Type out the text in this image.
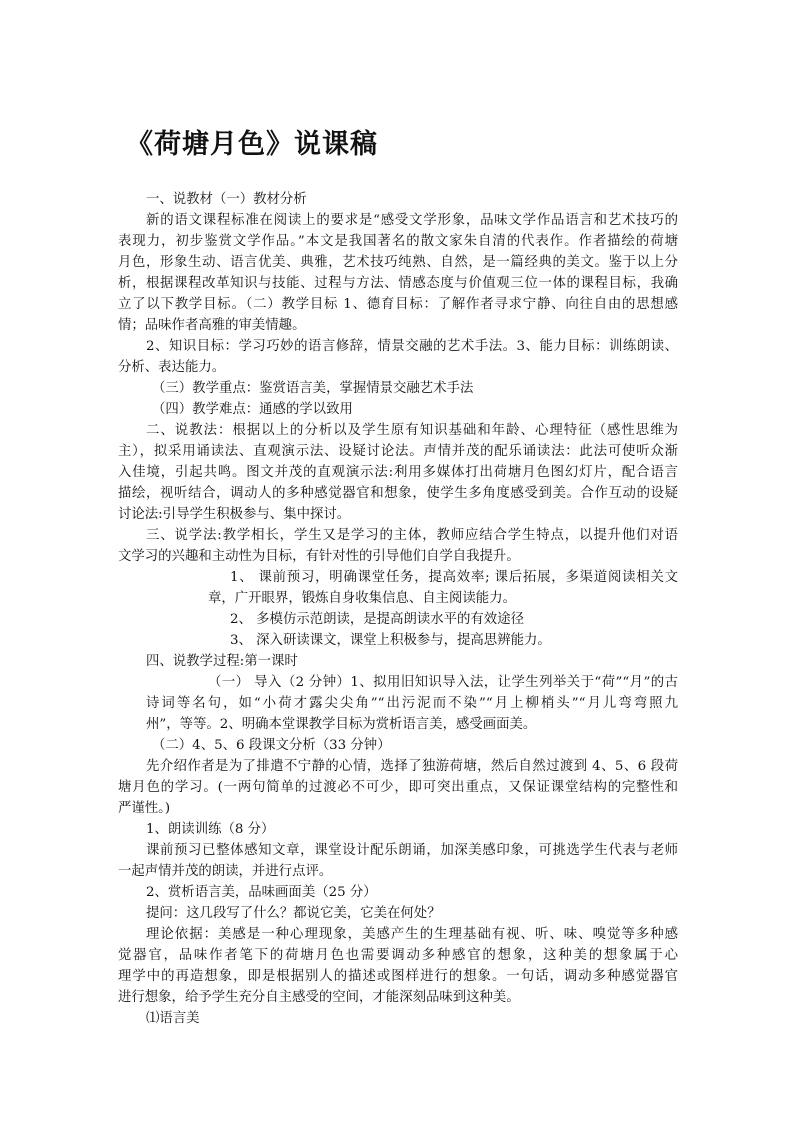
《荷塘月色》说课稿
一、说教材（一）教材分析
新的语文课程标准在阅读上的要求是“感受文学形象，品味文学作品语言和艺术技巧的
表现力，初步鉴赏文学作品。”本文是我国著名的散文家朱自清的代表作。作者描绘的荷塘
月色，形象生动、语言优美、典雅，艺术技巧纯熟、自然，是一篇经典的美文。鉴于以上分
析，根据课程改革知识与技能、过程与方法、情感态度与价值观三位一体的课程目标，我确
立了以下教学目标。（二）教学目标 1、德育目标：了解作者寻求宁静、向往自由的思想感
情；品味作者高雅的审美情趣。
2、知识目标：学习巧妙的语言修辞，情景交融的艺术手法。3、能力目标：训练朗读、
分析、表达能力。
（三）教学重点：鉴赏语言美，掌握情景交融艺术手法
（四）教学难点：通感的学以致用
二、说教法：根据以上的分析以及学生原有知识基础和年龄、心理特征（感性思维为
主），拟采用诵读法、直观演示法、设疑讨论法。声情并茂的配乐诵读法：此法可使听众渐
入佳境，引起共鸣。图文并茂的直观演示法:利用多媒体打出荷塘月色图幻灯片，配合语言
描绘，视听结合，调动人的多种感觉器官和想象，使学生多角度感受到美。合作互动的设疑
讨论法:引导学生积极参与、集中探讨。
三、说学法:教学相长，学生又是学习的主体，教师应结合学生特点，以提升他们对语
文学习的兴趣和主动性为目标，有针对性的引导他们自学自我提升。
1、 课前预习，明确课堂任务，提高效率; 课后拓展，多渠道阅读相关文
章，广开眼界，锻炼自身收集信息、自主阅读能力。
2、 多模仿示范朗读，是提高朗读水平的有效途径
3、 深入研读课文，课堂上积极参与，提高思辨能力。
四、说教学过程:第一课时
（一） 导入（2 分钟）1、拟用旧知识导入法，让学生列举关于“荷”“月”的古
诗词等名句，如“小荷才露尖尖角”“出污泥而不染”“月上柳梢头”“月儿弯弯照九
州”，等等。2、明确本堂课教学目标为赏析语言美，感受画面美。
（二）4、5、6 段课文分析（33 分钟）
先介绍作者是为了排遣不宁静的心情，选择了独游荷塘，然后自然过渡到 4、5、6 段荷
塘月色的学习。(一两句简单的过渡必不可少，即可突出重点，又保证课堂结构的完整性和
严谨性。)
1、朗读训练（8 分）
课前预习已整体感知文章，课堂设计配乐朗诵，加深美感印象，可挑选学生代表与老师
一起声情并茂的朗读，并进行点评。
2、赏析语言美，品味画面美（25 分）
提问：这几段写了什么？都说它美，它美在何处？
理论依据：美感是一种心理现象，美感产生的生理基础有视、听、味、嗅觉等多种感
觉器官，品味作者笔下的荷塘月色也需要调动多种感官的想象，这种美的想象属于心
理学中的再造想象，即是根据别人的描述或图样进行的想象。一句话，调动多种感觉器官
进行想象，给予学生充分自主感受的空间，才能深刻品味到这种美。
⑴语言美
